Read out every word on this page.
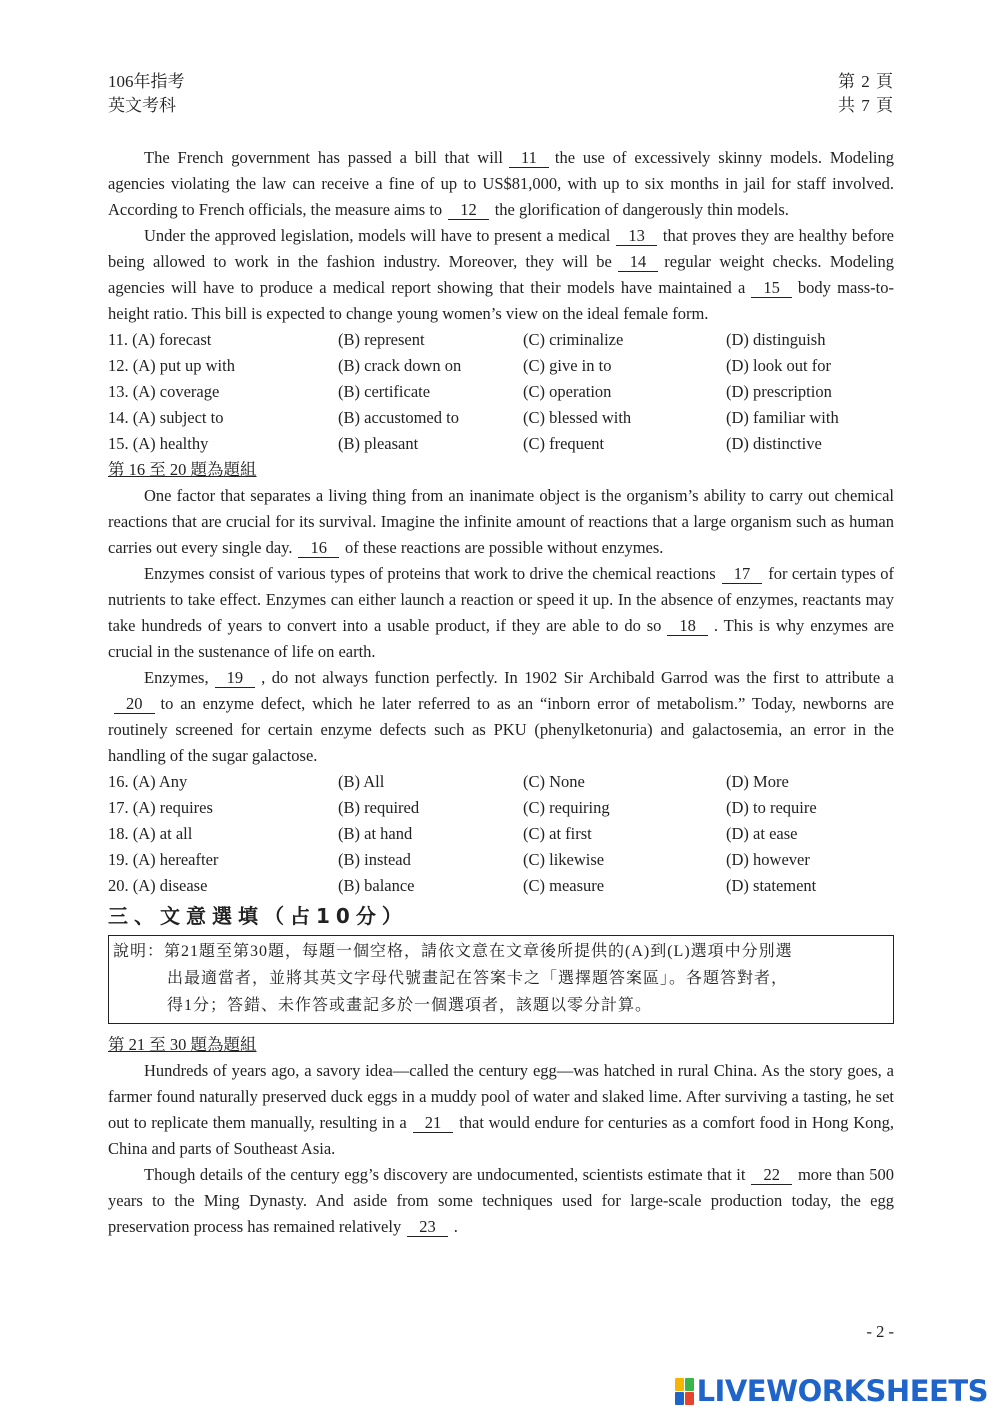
106年指考
英文考科
第 2 頁
共 7 頁

The French government has passed a bill that will 11 the use of excessively skinny models. Modeling agencies violating the law can receive a fine of up to US$81,000, with up to six months in jail for staff involved. According to French officials, the measure aims to 12 the glorification of dangerously thin models.

Under the approved legislation, models will have to present a medical 13 that proves they are healthy before being allowed to work in the fashion industry. Moreover, they will be 14 regular weight checks. Modeling agencies will have to produce a medical report showing that their models have maintained a 15 body mass-to-height ratio. This bill is expected to change young women’s view on the ideal female form.

11. (A) forecast	(B) represent	(C) criminalize	(D) distinguish
12. (A) put up with	(B) crack down on	(C) give in to	(D) look out for
13. (A) coverage	(B) certificate	(C) operation	(D) prescription
14. (A) subject to	(B) accustomed to	(C) blessed with	(D) familiar with
15. (A) healthy	(B) pleasant	(C) frequent	(D) distinctive
第 16 至 20 題為題組

One factor that separates a living thing from an inanimate object is the organism’s ability to carry out chemical reactions that are crucial for its survival. Imagine the infinite amount of reactions that a large organism such as human carries out every single day. 16 of these reactions are possible without enzymes.

Enzymes consist of various types of proteins that work to drive the chemical reactions 17 for certain types of nutrients to take effect. Enzymes can either launch a reaction or speed it up. In the absence of enzymes, reactants may take hundreds of years to convert into a usable product, if they are able to do so 18 . This is why enzymes are crucial in the sustenance of life on earth.

Enzymes, 19 , do not always function perfectly. In 1902 Sir Archibald Garrod was the first to attribute a20 to an enzyme defect, which he later referred to as an “inborn error of metabolism.” Today, newborns are routinely screened for certain enzyme defects such as PKU (phenylketonuria) and galactosemia, an error in the handling of the sugar galactose.

16. (A) Any	(B) All	(C) None	(D) More
17. (A) requires	(B) required	(C) requiring	(D) to require
18. (A) at all	(B) at hand	(C) at first	(D) at ease
19. (A) hereafter	(B) instead	(C) likewise	(D) however
20. (A) disease	(B) balance	(C) measure	(D) statement
三、文意選填（占10分）
說明：第21題至第30題，每題一個空格，請依文意在文章後所提供的(A)到(L)選項中分別選
出最適當者，並將其英文字母代號畫記在答案卡之「選擇題答案區」。各題答對者，
得1分；答錯、未作答或畫記多於一個選項者，該題以零分計算。
第 21 至 30 題為題組

Hundreds of years ago, a savory idea—called the century egg—was hatched in rural China. As the story goes, a farmer found naturally preserved duck eggs in a muddy pool of water and slaked lime. After surviving a tasting, he set out to replicate them manually, resulting in a 21 that would endure for centuries as a comfort food in Hong Kong, China and parts of Southeast Asia.

Though details of the century egg’s discovery are undocumented, scientists estimate that it 22 more than 500 years to the Ming Dynasty. And aside from some techniques used for large-scale production today, the egg preservation process has remained relatively 23 .

- 2 -
LIVEWORKSHEETS
